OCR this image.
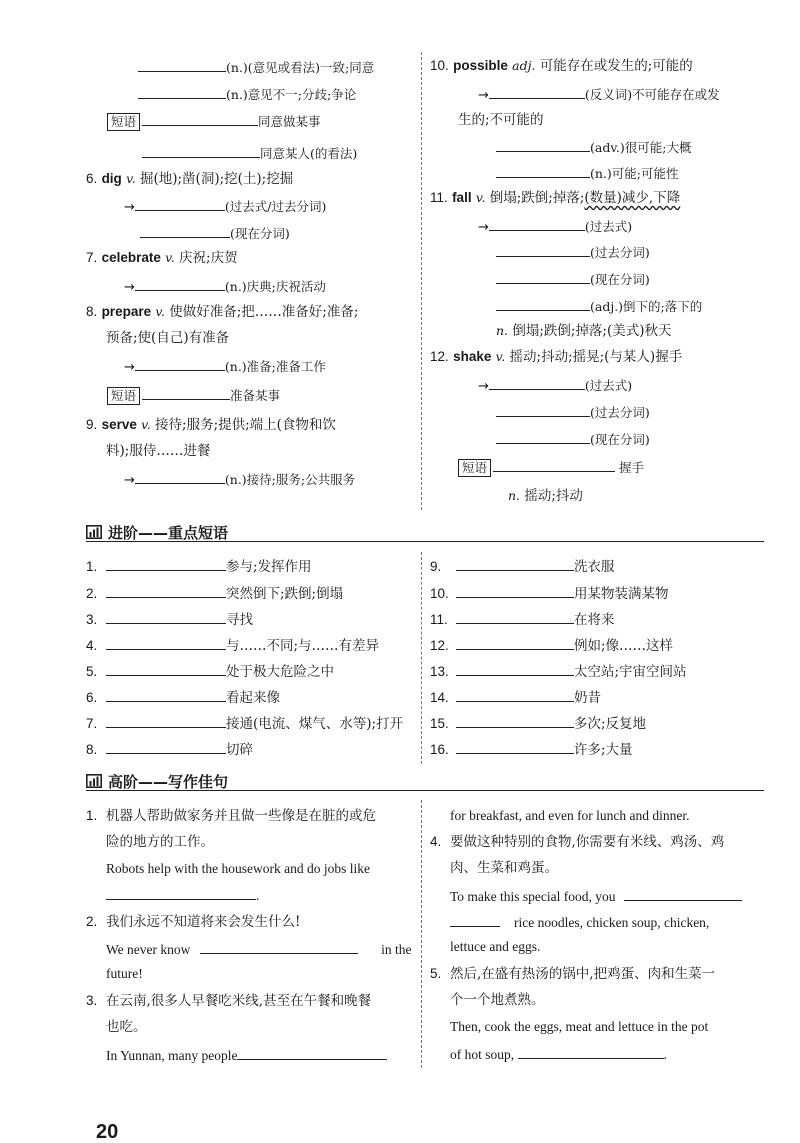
(n.)(意见或看法)一致;同意
(n.)意见不一;分歧;争论
短语	同意做某事
同意某人(的看法)
6. dig v. 掘(地);凿(洞);挖(土);挖掘
→	(过去式/过去分词)
(现在分词)
7. celebrate v. 庆祝;庆贺
→	(n.)庆典;庆祝活动
8. prepare v. 使做好准备;把……准备好;准备;
预备;使(自己)有准备
→	(n.)准备;准备工作
短语	准备某事
9. serve v. 接待;服务;提供;端上(食物和饮
料);服侍……进餐
→	(n.)接待;服务;公共服务
10. possible adj. 可能存在或发生的;可能的
→	(反义词)不可能存在或发
生的;不可能的
(adv.)很可能;大概
(n.)可能;可能性
11. fall v. 倒塌;跌倒;掉落;(数量)减少,下降
→	(过去式)
(过去分词)
(现在分词)
(adj.)倒下的;落下的
n. 倒塌;跌倒;掉落;(美式)秋天
12. shake v. 摇动;抖动;摇晃;(与某人)握手
→	(过去式)
(过去分词)
(现在分词)
短语	握手
n. 摇动;抖动
进阶——重点短语
1.	参与;发挥作用
2.	突然倒下;跌倒;倒塌
3.	寻找
4.	与……不同;与……有差异
5.	处于极大危险之中
6.	看起来像
7.	接通(电流、煤气、水等);打开
8.	切碎
9.	洗衣服
10.	用某物装满某物
11.	在将来
12.	例如;像……这样
13.	太空站;宇宙空间站
14.	奶昔
15.	多次;反复地
16.	许多;大量
高阶——写作佳句
1. 机器人帮助做家务并且做一些像是在脏的或危
险的地方的工作。
Robots help with the housework and do jobs like
.
2. 我们永远不知道将来会发生什么!
We never know	in the
future!
3. 在云南,很多人早餐吃米线,甚至在午餐和晚餐
也吃。
In Yunnan, many people
for breakfast, and even for lunch and dinner.
4. 要做这种特别的食物,你需要有米线、鸡汤、鸡
肉、生菜和鸡蛋。
To make this special food, you
rice noodles, chicken soup, chicken,
lettuce and eggs.
5. 然后,在盛有热汤的锅中,把鸡蛋、肉和生菜一
个一个地煮熟。
Then, cook the eggs, meat and lettuce in the pot
of hot soup,	.
20
